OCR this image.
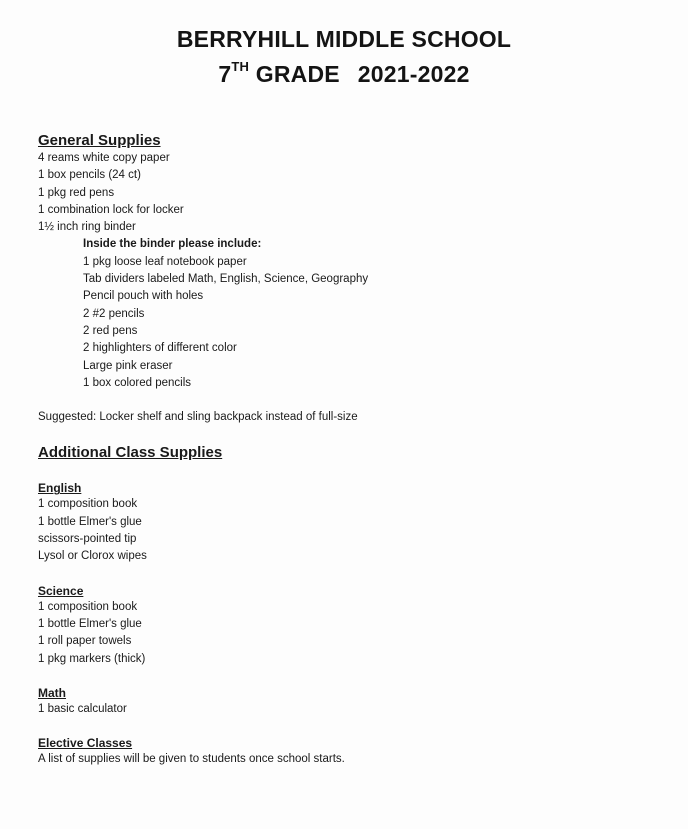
BERRYHILL MIDDLE SCHOOL
7TH GRADE 2021-2022
General Supplies
4 reams white copy paper
1 box pencils (24 ct)
1 pkg red pens
1 combination lock for locker
1½ inch ring binder
Inside the binder please include:
1 pkg loose leaf notebook paper
Tab dividers labeled Math, English, Science, Geography
Pencil pouch with holes
2 #2 pencils
2 red pens
2 highlighters of different color
Large pink eraser
1 box colored pencils
Suggested: Locker shelf and sling backpack instead of full-size
Additional Class Supplies
English
1 composition book
1 bottle Elmer's glue
scissors-pointed tip
Lysol or Clorox wipes
Science
1 composition book
1 bottle Elmer's glue
1 roll paper towels
1 pkg markers (thick)
Math
1 basic calculator
Elective Classes
A list of supplies will be given to students once school starts.
